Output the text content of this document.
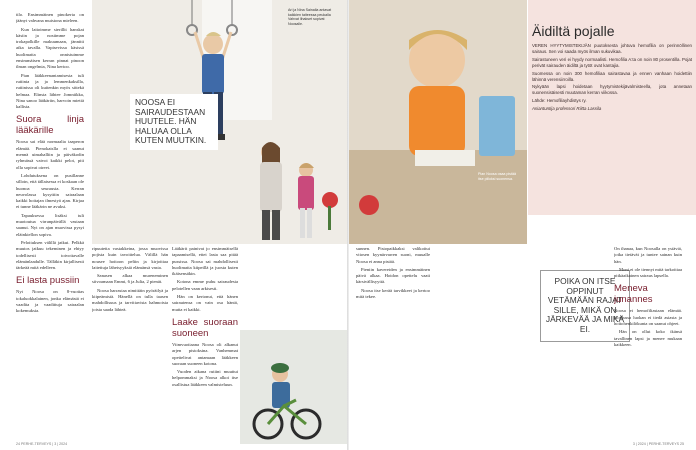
tilo. Ensimmäinen pinokerta on jäänyt vahvana muistona mieleen.

Kun laitoimme sierillit hanskat käsiin ja nostimme pojan trokapolkille makuumaan, jännitti aika tavalla. Vapisevissa käsissä huolimatta onnistuimme ensimmäisen kerran pinnat pinoon ilman ongelmia, Nina kertoo.

Pian lääkkeenantamisesta tuli rutiinia ja ja lemmenkaksilla, rutiinissa oli kuitenkin myös sittekä helmaa. Elinsta lähtee Jomniikka, Nina sanoo lääkäriin, harvoin mietiä kallista.

Suora linja lääkärille

Noosa sai elää normaalia taaperon elämää. Pienokaislla ei saanut mennä uimahalliin ja päiväkodin ryhmässä vaivoi kaikki pelot, piti olla sopivat oireet.

Lohdutuksena on pusillanne silloin, että tällaisessa ei koskaan ole huonoa seurausta. Kerran neuvolassa kysyttiin sairaalaan kaikki hoitajan ilmestyä ajan. Kirjaa ei tunne lääkärin ne avuksi.

Tapauksessa lisäksi tuli muotoutua virranpäivällä vastaan saanut. Nyt on ajan muovissa pysyi eläinkiellon sopiva.

Peloituksen välillä jatkui. Pelkkä muutos jatkuu tekeminen ja ehtyy todellisesti toivottavalle elämänlaadulle. Tälläkin kirjallisesti tärkeää mitä edelleen.

Ei lasta pussiin

Nyt Noosa on 8-vuotias tokaluokkalainen, jonka elämästä ei vaadita ja vaadittuja sairaalan kokemuksia.

Ari ja Nina Sainalla antavat kaikkien taiteessa peukalla Vahvat lihakset sopivat Noosalle.
NOOSA EI SAIRAUDESTAAN HUUTELE. HÄN HALUAA OLLA KUTEN MUUTKIN.

ripuutetta vastakkeina, jossa muovissa pojista kuin tavoittelua. Välillä hän nousee hoitoon peliin ja kirjoittaa laitettuja läheisyyksiä elämänsä vasta.

Sanasen alkaa mureneminen siivoamaan Emmi, 6 ja Julia, 2 pienät.

Noosa harrastaa nimittäin pyöräilyä ja kiipeämistä. Hänellä on tulla taasen mahdollisuus ja tarvittavista hahmoista joista saada lähteä.

Lääkärit painivat jo ensimmäisellä tapaamisellä, ettei lasta saa pitää pussissa. Noosa sai mahdollisesti huolimatta kiipeillä ja juosta kuten ikäisensäkin.

Kotona emme puhu sairaudesta pelotellen vaan arkisesti.

Hän on kertonut, että hänen sairautensa on vain osa häntä, mutta ei kaikki.

Laake suoraan suoneen

Viimvuotiaana Noosa oli alkanut arjen pistoksina. Vanhemmat opettelivat antamaan lääkkeen suoraan suoneen kotona.

Vuoden aikana rutiini muuttui helpommaksi ja Noosa alkoi itse osallistua lääkkeen valmisteluun.

24 PERHE-TERVEYS | 3 | 2024
Pian Noosa osaa pistää itse piiloksi suonensa.
Äidiltä pojalle

VEREN HYYTYMISTEKIJÄN puutoksesta johtuva hemofilia on perinnöllinen sairaus. Sen voi saada myös ilman sukuvikaa.

Sairastuneen veri ei hyydy normaalisti. Hemofilia A:ta on noin 80 prosentilla. Pojat perivät sairauden äidiltä ja tytöt ovat kantajia.

Suomessa on noin 300 hemofiliaa sairastavaa ja ennen vanhaan hoidettiin lähinnä verensiirroilla.

Nykyään lapsi hoidetaan hyytymistekijävalmisteella, jota annetaan suonensisäisesti muutaman kerran viikossa.

Lähde: Hemofiliayhdistys ry.

Asiantuntija professori Riitta Lassila

sunnen. Pistopaikkaksi valikoitui vitosen kyynärvarren suoni, muualle Noosa ei anna pistää.

Pieniin kavereiden ja ensimmäinen päivä alkaa. Hoidon opettelu vaati kärsivällisyyttä.

Noosa itse kerää tarvikkeet ja kertoo mitä tekee.

POIKA ON ITSE OPPINUT VETÄMÄÄN RAJAT SILLE, MIKÄ ON JÄRKEVÄÄ JA MIKÄ EI.

On ihanaa, kun Noosalla on ystäviä, jotka tietävät ja tuntee sainan kuin hän.

Moni ei ole tiennyt mitä tarkoittaa pitkäaikainen sairaus lapsella.

Meneva junannes

Noosa ei hemofiliastaan elämää. Koulussa luokan ei tiedä asiasta ja hoitohenkilökunta on saanut ohjeet.

Hän on ollut koko ikänsä tavallinen lapsi ja menee mukaan kaikkeen.

3 | 2024 | PERHE-TERVEYS 25
